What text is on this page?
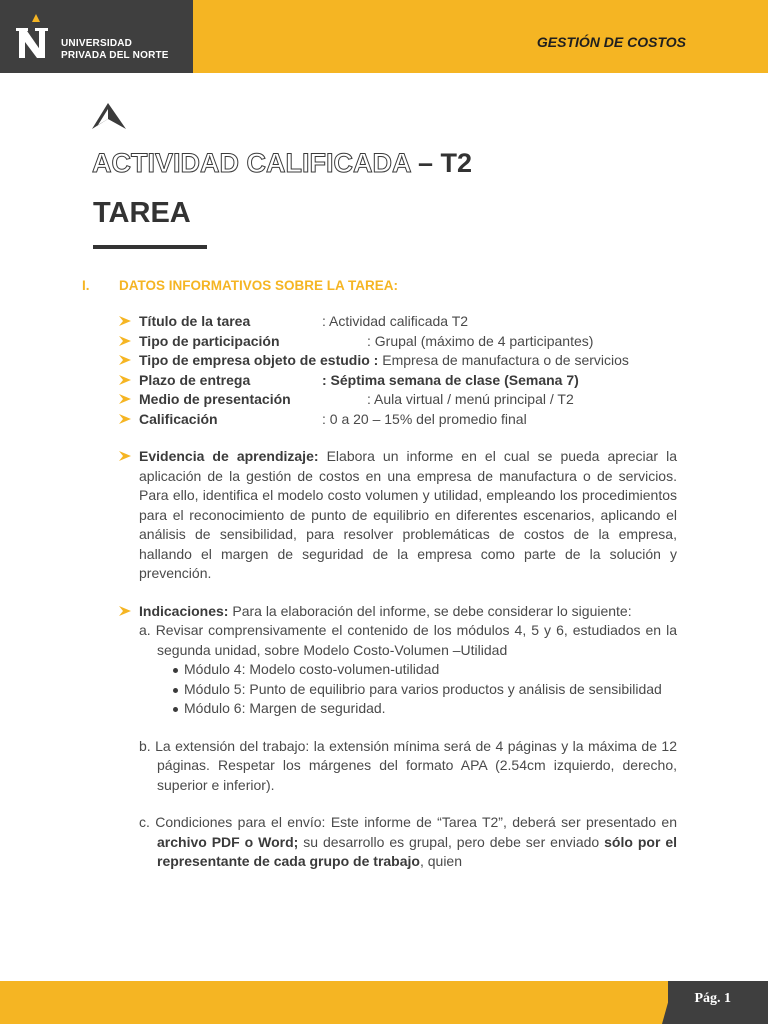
UNIVERSIDAD
PRIVADA DEL NORTE
GESTIÓN DE COSTOS
ACTIVIDAD CALIFICADA – T2
TAREA
I. DATOS INFORMATIVOS SOBRE LA TAREA:
Título de la tarea	: Actividad calificada T2
Tipo de participación	: Grupal (máximo de 4 participantes)
Tipo de empresa objeto de estudio : Empresa de manufactura o de servicios
Plazo de entrega	: Séptima semana de clase (Semana 7)
Medio de presentación	: Aula virtual / menú principal / T2
Calificación	: 0 a 20 – 15% del promedio final
Evidencia de aprendizaje: Elabora un informe en el cual se pueda apreciar la aplicación de la gestión de costos en una empresa de manufactura o de servicios. Para ello, identifica el modelo costo volumen y utilidad, empleando los procedimientos para el reconocimiento de punto de equilibrio en diferentes escenarios, aplicando el análisis de sensibilidad, para resolver problemáticas de costos de la empresa, hallando el margen de seguridad de la empresa como parte de la solución y prevención.
Indicaciones: Para la elaboración del informe, se debe considerar lo siguiente:
a. Revisar comprensivamente el contenido de los módulos 4, 5 y 6, estudiados en la segunda unidad, sobre Modelo Costo-Volumen –Utilidad
Módulo 4: Modelo costo-volumen-utilidad
Módulo 5: Punto de equilibrio para varios productos y análisis de sensibilidad
Módulo 6: Margen de seguridad.
b. La extensión del trabajo: la extensión mínima será de 4 páginas y la máxima de 12 páginas. Respetar los márgenes del formato APA (2.54cm izquierdo, derecho, superior e inferior).
c. Condiciones para el envío: Este informe de “Tarea T2”, deberá ser presentado en archivo PDF o Word; su desarrollo es grupal, pero debe ser enviado sólo por el representante de cada grupo de trabajo, quien
Pág. 1
